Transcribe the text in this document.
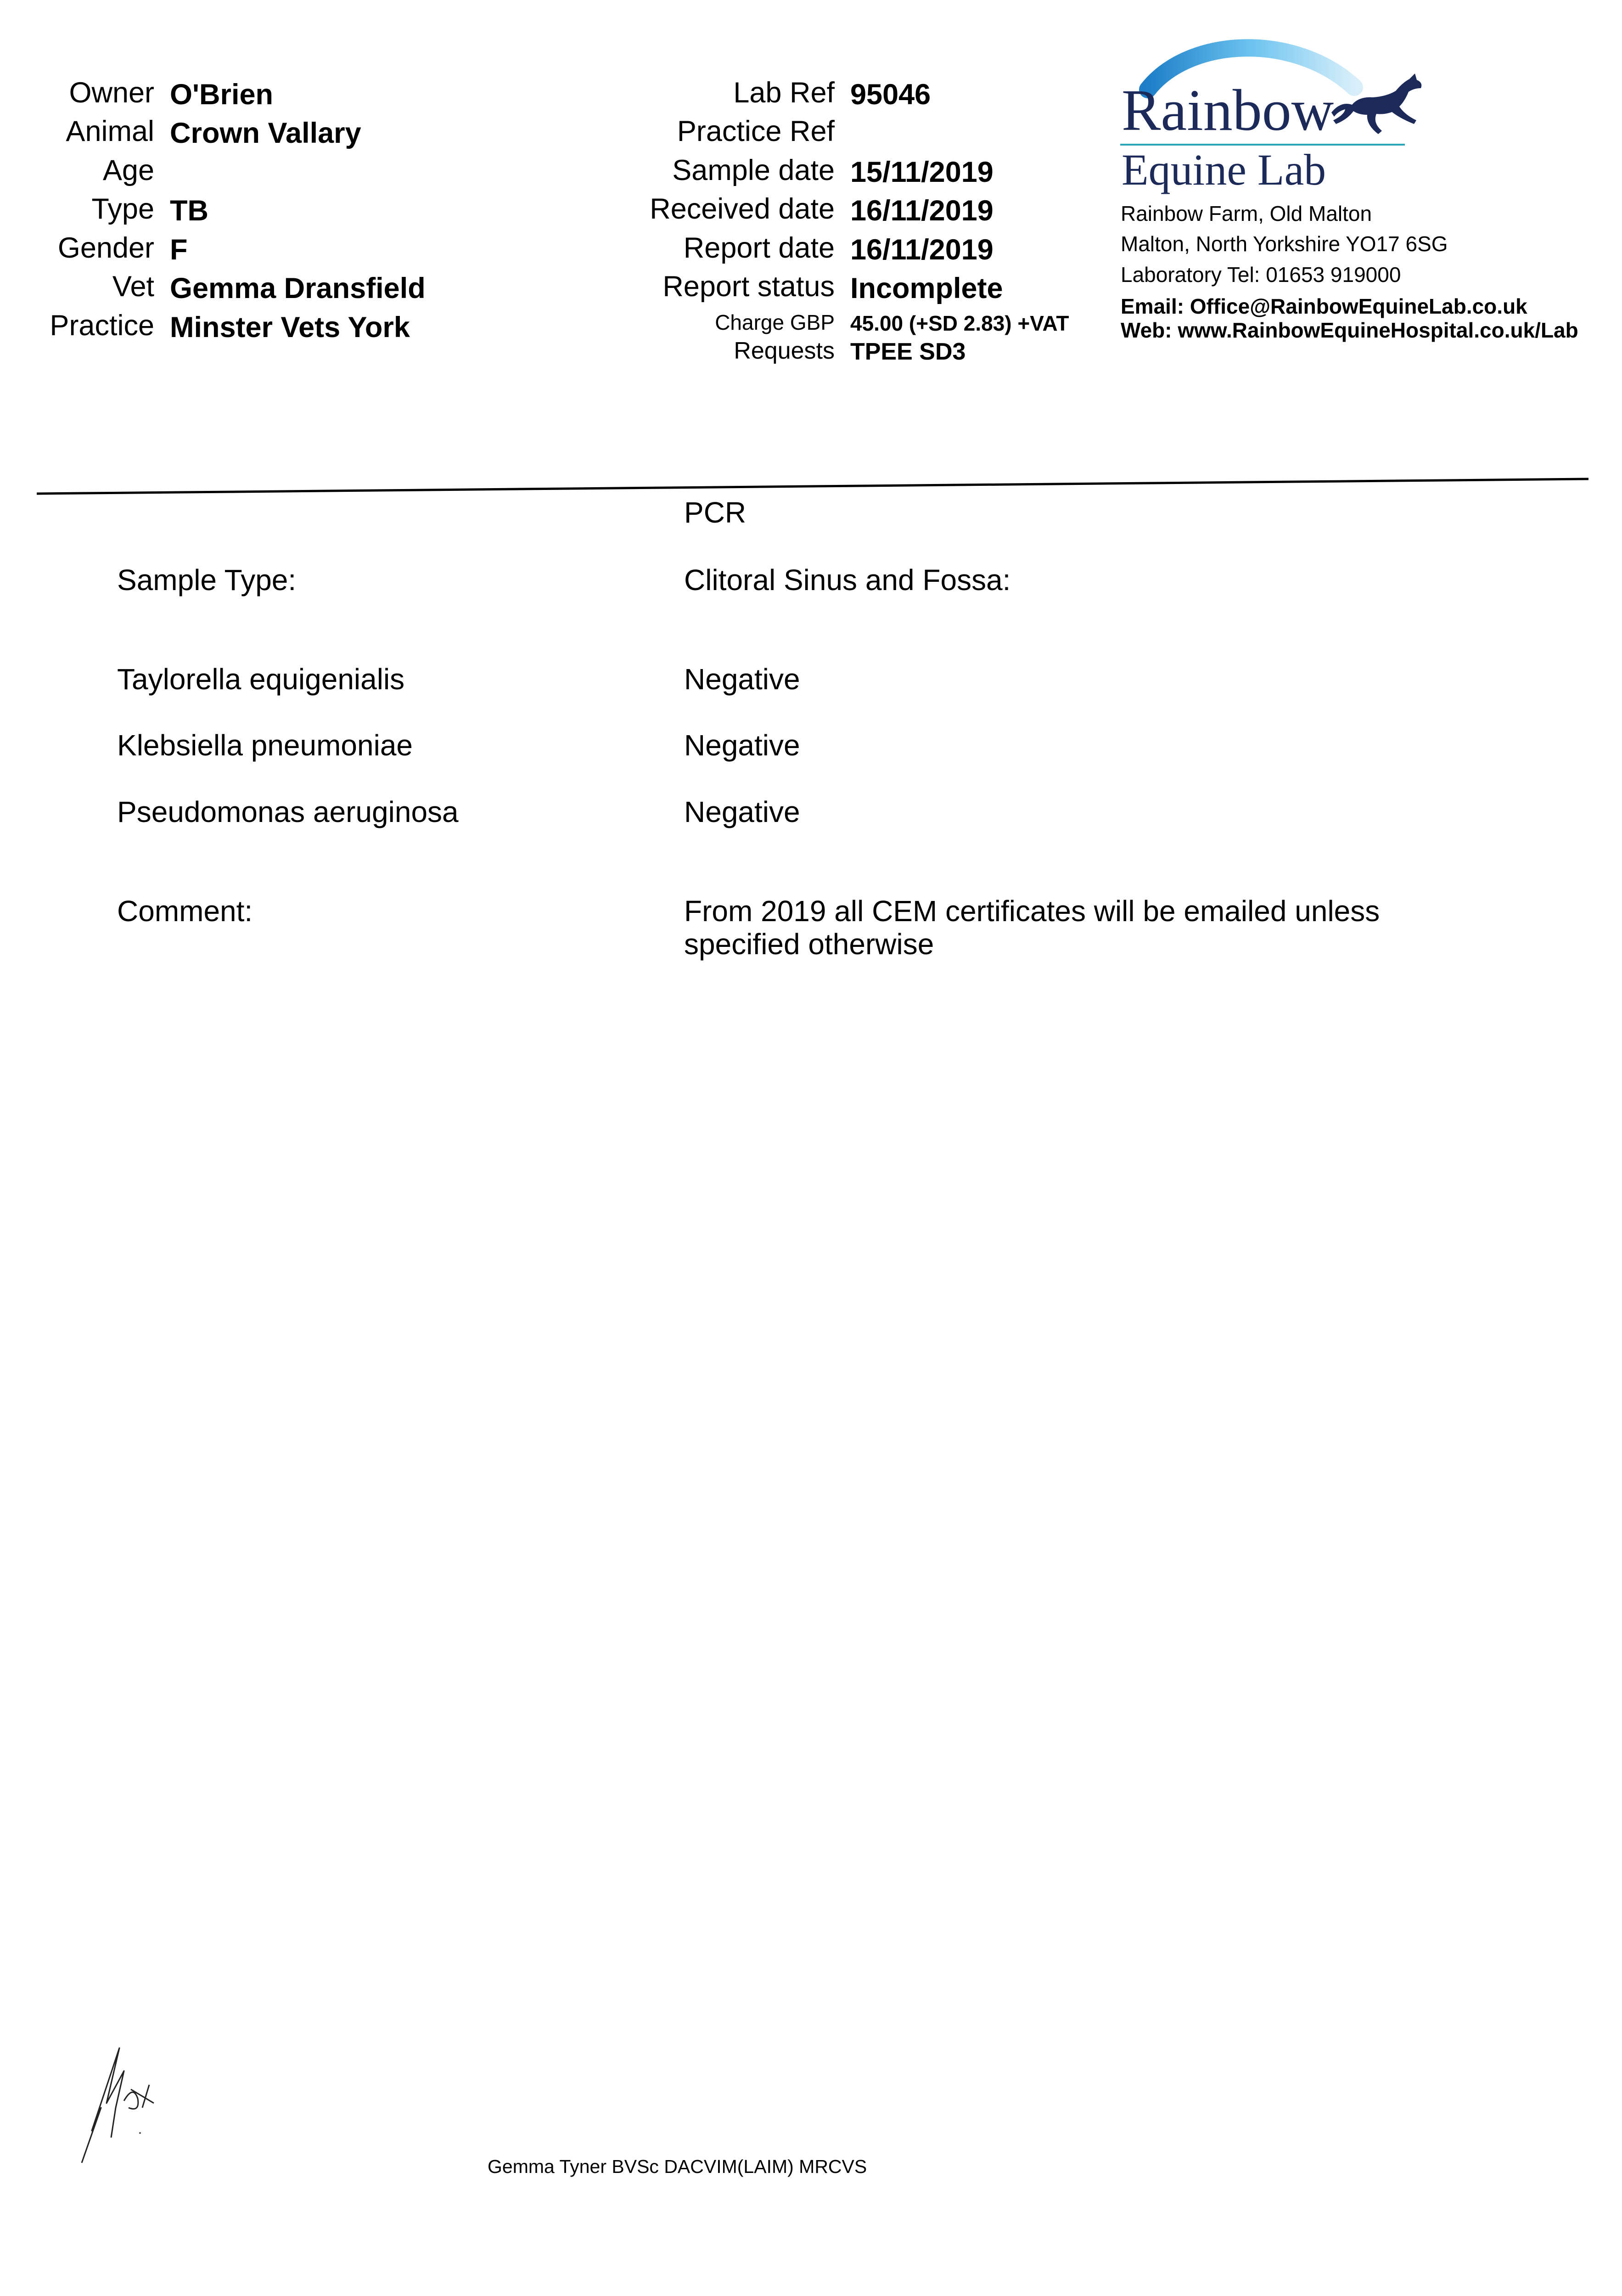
Owner O'Brien
Animal Crown Vallary
Age
Type TB
Gender F
Vet Gemma Dransfield
Practice Minster Vets York
Lab Ref 95046
Practice Ref
Sample date 15/11/2019
Received date 16/11/2019
Report date 16/11/2019
Report status Incomplete
Charge GBP 45.00 (+SD 2.83) +VAT
Requests TPEE SD3
Rainbow
Equine Lab
Rainbow Farm, Old Malton
Malton, North Yorkshire YO17 6SG
Laboratory Tel: 01653 919000
Email: Office@RainbowEquineLab.co.uk
Web: www.RainbowEquineHospital.co.uk/Lab
PCR
Sample Type:	Clitoral Sinus and Fossa:
Taylorella equigenialis	Negative
Klebsiella pneumoniae	Negative
Pseudomonas aeruginosa	Negative
Comment:	From 2019 all CEM certificates will be emailed unless
specified otherwise
Gemma Tyner BVSc DACVIM(LAIM) MRCVS
